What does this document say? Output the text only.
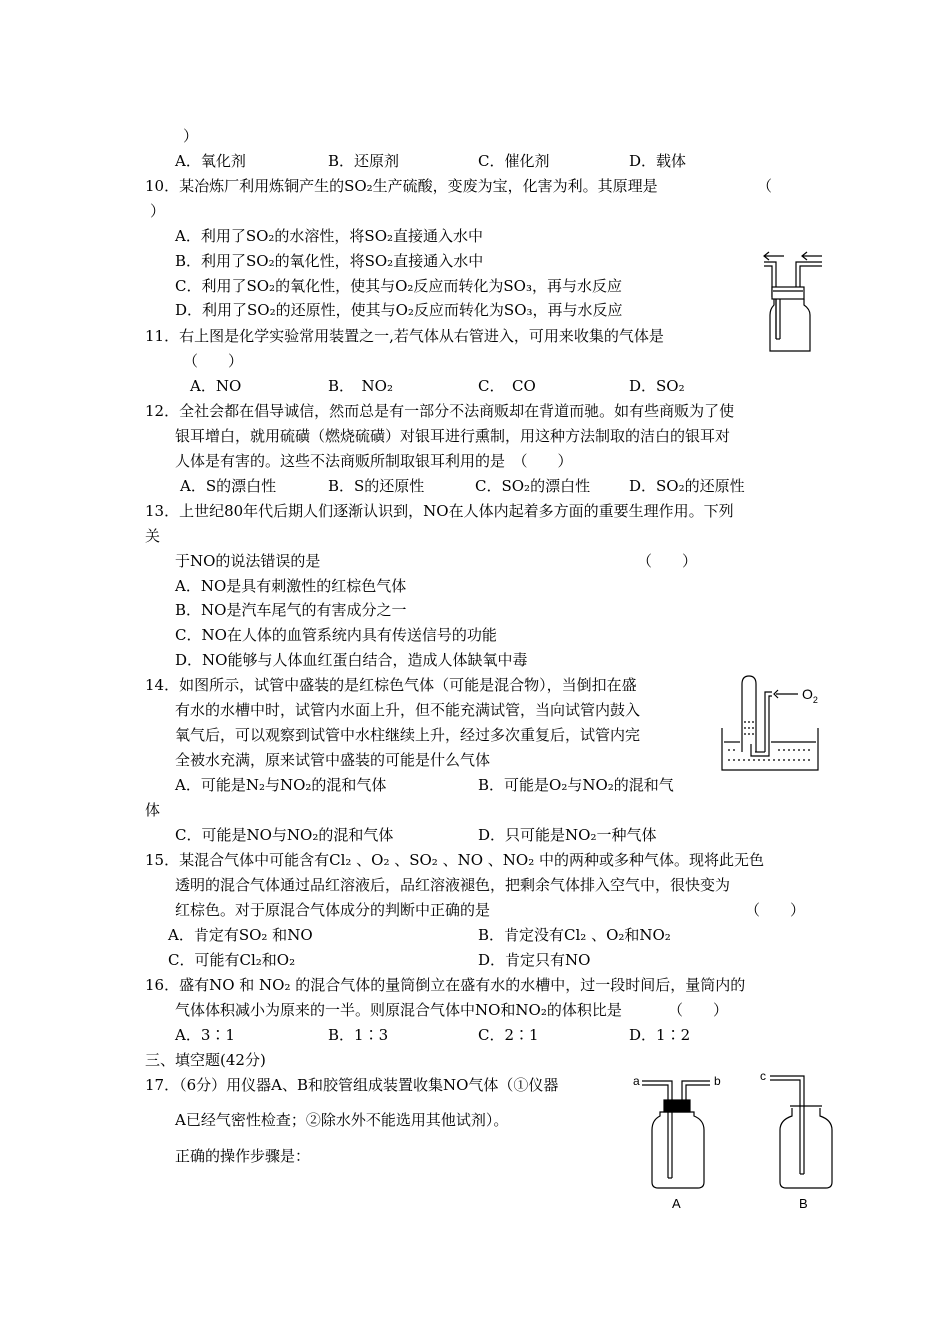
）
A．氧化剂	B．还原剂	C．催化剂	D．载体
10．某冶炼厂利用炼铜产生的SO₂生产硫酸，变废为宝，化害为利。其原理是	（
）
A．利用了SO₂的水溶性，将SO₂直接通入水中
B．利用了SO₂的氧化性，将SO₂直接通入水中
C．利用了SO₂的氧化性，使其与O₂反应而转化为SO₃，再与水反应
D．利用了SO₂的还原性，使其与O₂反应而转化为SO₃，再与水反应
11．右上图是化学实验常用装置之一,若气体从右管进入，可用来收集的气体是
（　　）
A．NO	B．　NO₂	C．　CO	D．SO₂
12．全社会都在倡导诚信，然而总是有一部分不法商贩却在背道而驰。如有些商贩为了使
银耳增白，就用硫磺（燃烧硫磺）对银耳进行熏制，用这种方法制取的洁白的银耳对
人体是有害的。这些不法商贩所制取银耳利用的是　（　　）
A．S的漂白性	B．S的还原性	C．SO₂的漂白性	D．SO₂的还原性
13．上世纪80年代后期人们逐渐认识到，NO在人体内起着多方面的重要生理作用。下列
关
于NO的说法错误的是	（　　）
A．NO是具有刺激性的红棕色气体
B．NO是汽车尾气的有害成分之一
C．NO在人体的血管系统内具有传送信号的功能
D．NO能够与人体血红蛋白结合，造成人体缺氧中毒
$O_2$
14．如图所示，试管中盛装的是红棕色气体（可能是混合物），当倒扣在盛
有水的水槽中时，试管内水面上升，但不能充满试管，当向试管内鼓入
氧气后，可以观察到试管中水柱继续上升，经过多次重复后，试管内完
全被水充满，原来试管中盛装的可能是什么气体
A．可能是N₂与NO₂的混和气体	B．可能是O₂与NO₂的混和气
体
C．可能是NO与NO₂的混和气体	D．只可能是NO₂一种气体
15．某混合气体中可能含有Cl₂ 、O₂ 、SO₂ 、NO 、NO₂ 中的两种或多种气体。现将此无色
透明的混合气体通过品红溶液后，品红溶液褪色，把剩余气体排入空气中，很快变为
红棕色。对于原混合气体成分的判断中正确的是	（　　）
A．肯定有SO₂ 和NO	B．肯定没有Cl₂ 、O₂和NO₂
C．可能有Cl₂和O₂	D．肯定只有NO
16．盛有NO 和 NO₂ 的混合气体的量筒倒立在盛有水的水槽中，过一段时间后，量筒内的
气体体积减小为原来的一半。则原混合气体中NO和NO₂的体积比是	（　　）
A．3∶1	B．1∶3	C．2∶1	D．1∶2
三、填空题(42分)
17．（6分）用仪器A、B和胶管组成装置收集NO气体（①仪器
A已经气密性检查；②除水外不能选用其他试剂）。
正确的操作步骤是：
a	b	c
A	B
